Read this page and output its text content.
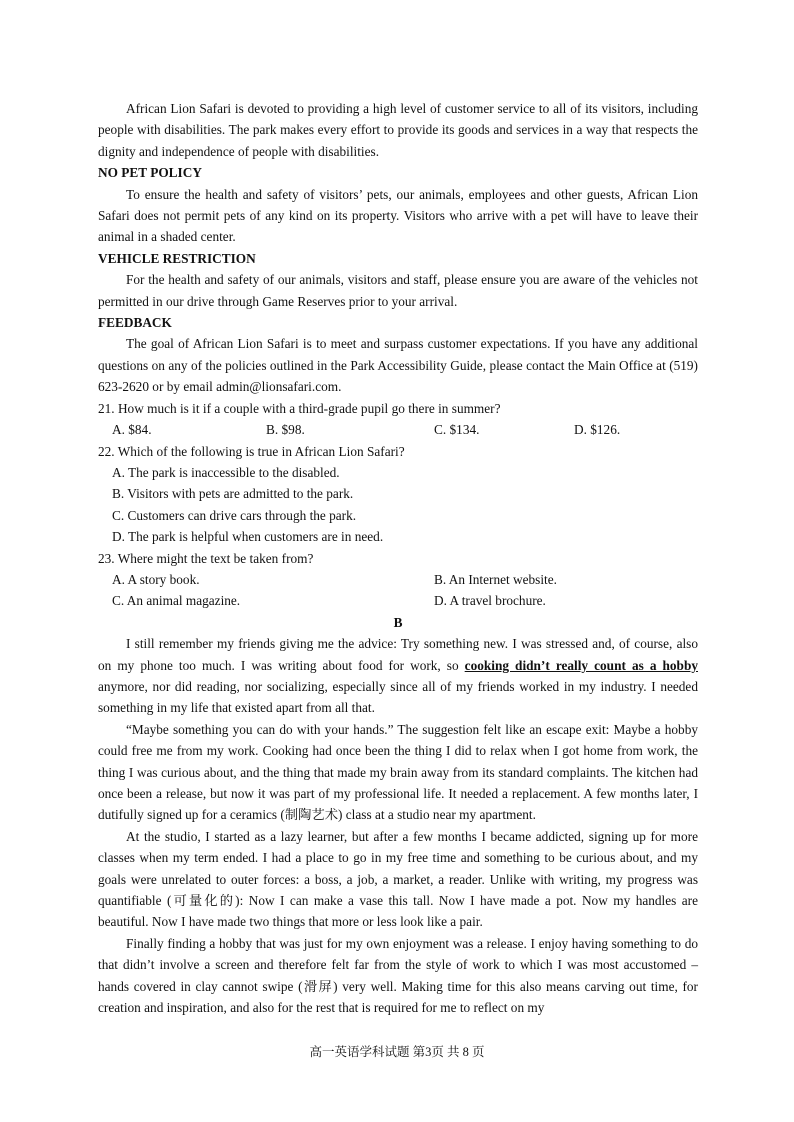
African Lion Safari is devoted to providing a high level of customer service to all of its visitors, including people with disabilities. The park makes every effort to provide its goods and services in a way that respects the dignity and independence of people with disabilities.

NO PET POLICY

To ensure the health and safety of visitors’ pets, our animals, employees and other guests, African Lion Safari does not permit pets of any kind on its property. Visitors who arrive with a pet will have to leave their animal in a shaded center.

VEHICLE RESTRICTION

For the health and safety of our animals, visitors and staff, please ensure you are aware of the vehicles not permitted in our drive through Game Reserves prior to your arrival.

FEEDBACK

The goal of African Lion Safari is to meet and surpass customer expectations. If you have any additional questions on any of the policies outlined in the Park Accessibility Guide, please contact the Main Office at (519) 623-2620 or by email admin@lionsafari.com.

21. How much is it if a couple with a third-grade pupil go there in summer?

A. $84.	B. $98.	C. $134.	D. $126.

22. Which of the following is true in African Lion Safari?

A. The park is inaccessible to the disabled.

B. Visitors with pets are admitted to the park.

C. Customers can drive cars through the park.

D. The park is helpful when customers are in need.

23. Where might the text be taken from?

A. A story book.	B. An Internet website.
C. An animal magazine.	D. A travel brochure.

B

I still remember my friends giving me the advice: Try something new. I was stressed and, of course, also on my phone too much. I was writing about food for work, so cooking didn’t really count as a hobby anymore, nor did reading, nor socializing, especially since all of my friends worked in my industry. I needed something in my life that existed apart from all that.

“Maybe something you can do with your hands.” The suggestion felt like an escape exit: Maybe a hobby could free me from my work. Cooking had once been the thing I did to relax when I got home from work, the thing I was curious about, and the thing that made my brain away from its standard complaints. The kitchen had once been a release, but now it was part of my professional life. It needed a replacement. A few months later, I dutifully signed up for a ceramics (制陶艺术) class at a studio near my apartment.

At the studio, I started as a lazy learner, but after a few months I became addicted, signing up for more classes when my term ended. I had a place to go in my free time and something to be curious about, and my goals were unrelated to outer forces: a boss, a job, a market, a reader. Unlike with writing, my progress was quantifiable (可量化的): Now I can make a vase this tall. Now I have made a pot. Now my handles are beautiful. Now I have made two things that more or less look like a pair.

Finally finding a hobby that was just for my own enjoyment was a release. I enjoy having something to do that didn’t involve a screen and therefore felt far from the style of work to which I was most accustomed – hands covered in clay cannot swipe (滑屏) very well. Making time for this also means carving out time, for creation and inspiration, and also for the rest that is required for me to reflect on my

高一英语学科试题 第3页 共 8 页
